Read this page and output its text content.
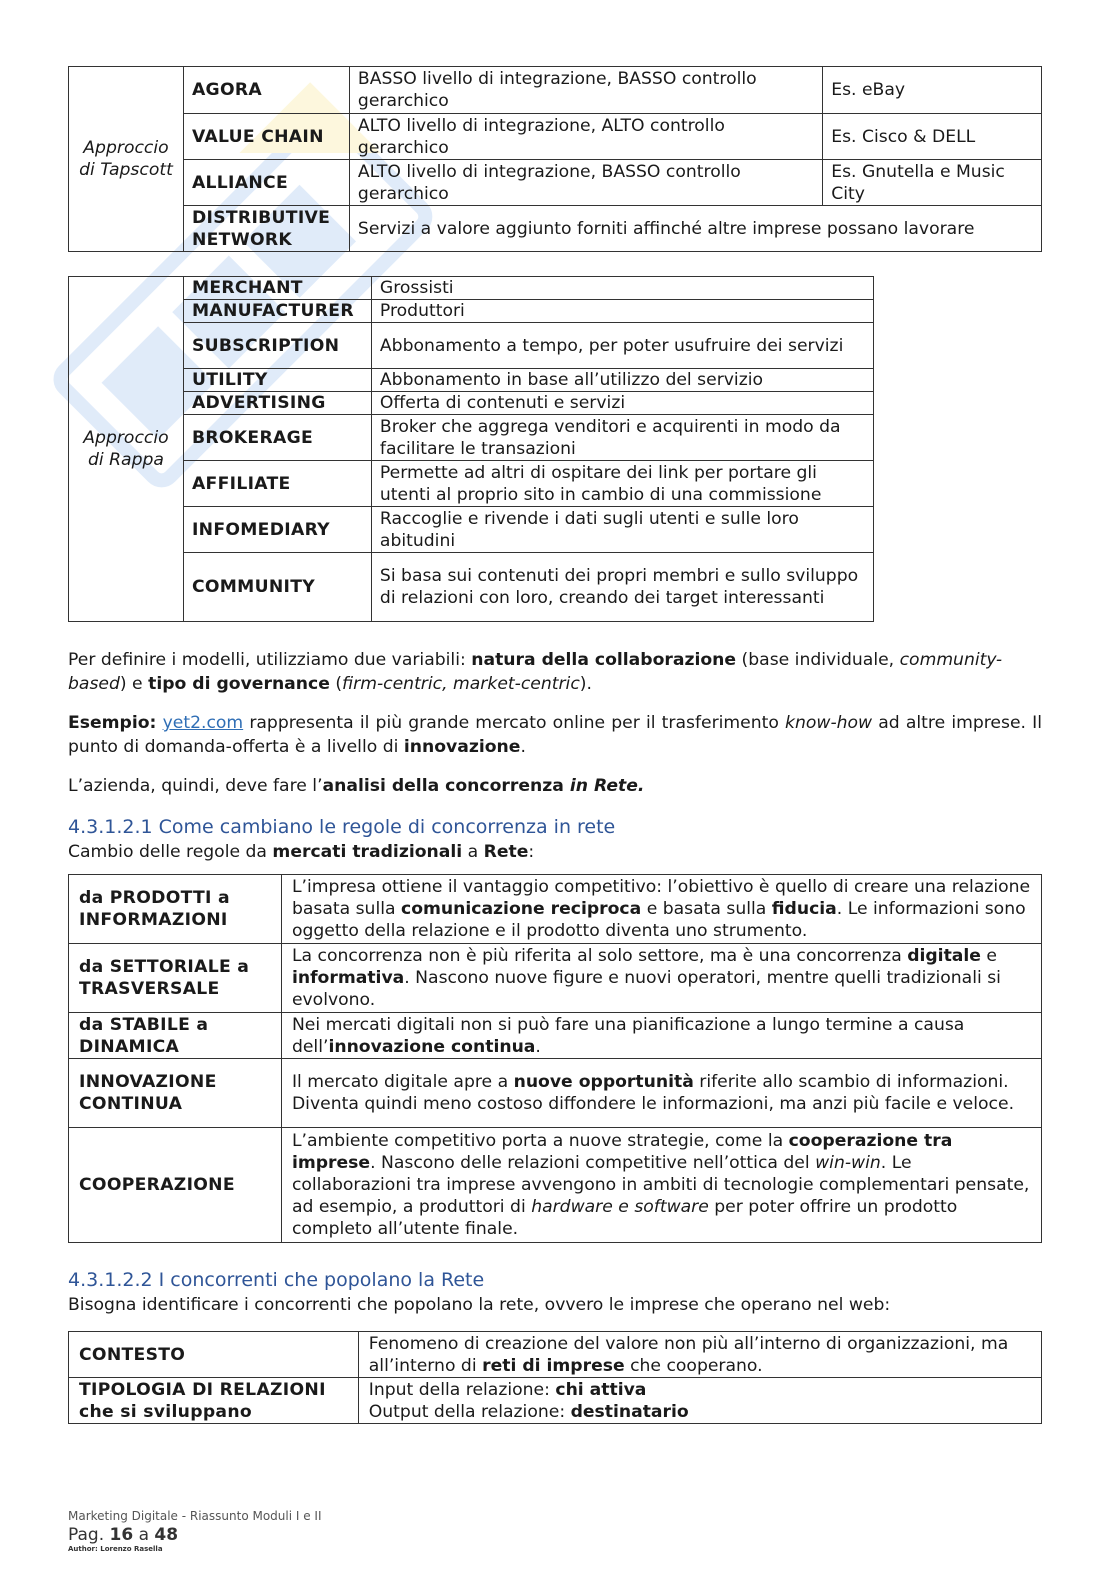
Approccio di Tapscott	AGORA	BASSO livello di integrazione, BASSO controllo gerarchico	Es. eBay
	VALUE CHAIN	ALTO livello di integrazione, ALTO controllo gerarchico	Es. Cisco & DELL
	ALLIANCE	ALTO livello di integrazione, BASSO controllo gerarchico	Es. Gnutella e Music City
	DISTRIBUTIVE NETWORK	Servizi a valore aggiunto forniti affinché altre imprese possano lavorare	
Approccio di Rappa	MERCHANT	Grossisti
	MANUFACTURER	Produttori
	SUBSCRIPTION	Abbonamento a tempo, per poter usufruire dei servizi
	UTILITY	Abbonamento in base all’utilizzo del servizio
	ADVERTISING	Offerta di contenuti e servizi
	BROKERAGE	Broker che aggrega venditori e acquirenti in modo da facilitare le transazioni
	AFFILIATE	Permette ad altri di ospitare dei link per portare gli utenti al proprio sito in cambio di una commissione
	INFOMEDIARY	Raccoglie e rivende i dati sugli utenti e sulle loro abitudini
	COMMUNITY	Si basa sui contenuti dei propri membri e sullo sviluppo di relazioni con loro, creando dei target interessanti

Per definire i modelli, utilizziamo due variabili: natura della collaborazione (base individuale, community-based) e tipo di governance (firm-centric, market-centric).

Esempio: yet2.com rappresenta il più grande mercato online per il trasferimento know-how ad altre imprese. Il punto di domanda-offerta è a livello di innovazione.

L’azienda, quindi, deve fare l’analisi della concorrenza in Rete.

4.3.1.2.1 Come cambiano le regole di concorrenza in rete

Cambio delle regole da mercati tradizionali a Rete:

da PRODOTTI a INFORMAZIONI	L’impresa ottiene il vantaggio competitivo: l’obiettivo è quello di creare una relazione basata sulla comunicazione reciproca e basata sulla fiducia. Le informazioni sono oggetto della relazione e il prodotto diventa uno strumento.
da SETTORIALE a TRASVERSALE	La concorrenza non è più riferita al solo settore, ma è una concorrenza digitale e informativa. Nascono nuove figure e nuovi operatori, mentre quelli tradizionali si evolvono.
da STABILE a DINAMICA	Nei mercati digitali non si può fare una pianificazione a lungo termine a causa dell’innovazione continua.
INNOVAZIONE CONTINUA	Il mercato digitale apre a nuove opportunità riferite allo scambio di informazioni. Diventa quindi meno costoso diffondere le informazioni, ma anzi più facile e veloce.
COOPERAZIONE	L’ambiente competitivo porta a nuove strategie, come la cooperazione tra imprese. Nascono delle relazioni competitive nell’ottica del win-win. Le collaborazioni tra imprese avvengono in ambiti di tecnologie complementari pensate, ad esempio, a produttori di hardware e software per poter offrire un prodotto completo all’utente finale.
4.3.1.2.2 I concorrenti che popolano la Rete

Bisogna identificare i concorrenti che popolano la rete, ovvero le imprese che operano nel web:

CONTESTO	Fenomeno di creazione del valore non più all’interno di organizzazioni, ma all’interno di reti di imprese che cooperano.
TIPOLOGIA DI RELAZIONI che si sviluppano	Input della relazione: chi attiva
Output della relazione: destinatario
Marketing Digitale - Riassunto Moduli I e II
Pag. 16 a 48
Author: Lorenzo Rasella
